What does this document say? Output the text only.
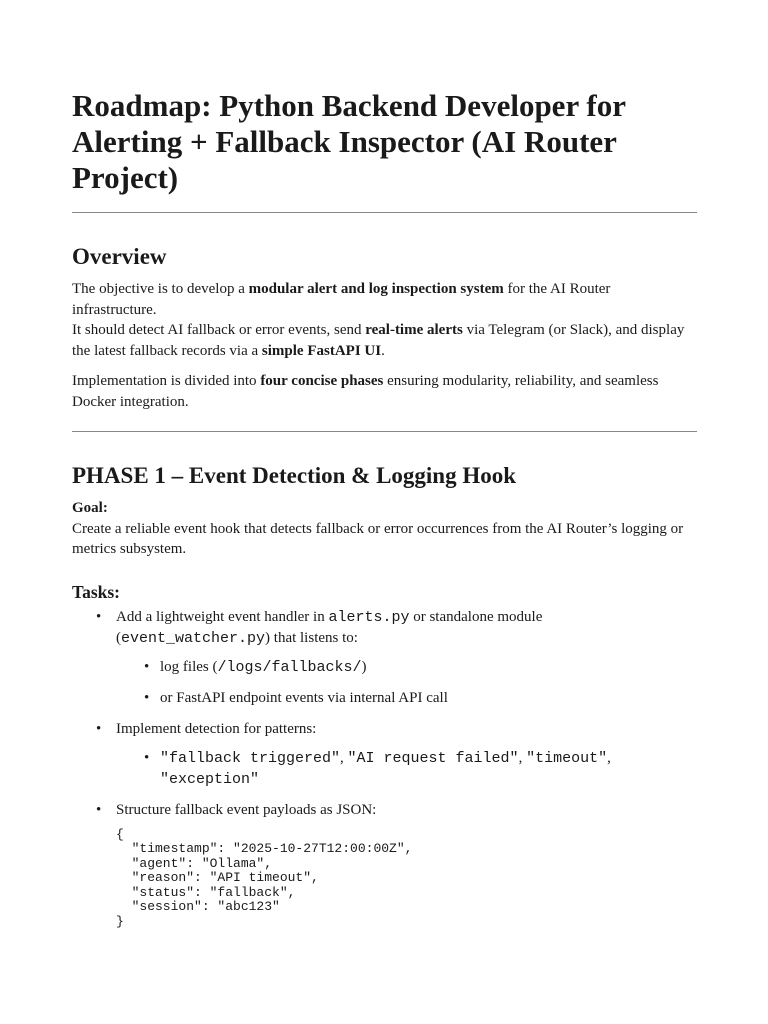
Roadmap: Python Backend Developer for Alerting + Fallback Inspector (AI Router Project)
Overview

The objective is to develop a modular alert and log inspection system for the AI Router infrastructure.
It should detect AI fallback or error events, send real-time alerts via Telegram (or Slack), and display the latest fallback records via a simple FastAPI UI.

Implementation is divided into four concise phases ensuring modularity, reliability, and seamless Docker integration.

PHASE 1 – Event Detection & Logging Hook

Goal:

Create a reliable event hook that detects fallback or error occurrences from the AI Router’s logging or metrics subsystem.

Tasks:
• Add a lightweight event handler in alerts.py or standalone module (event_watcher.py) that listens to:
• log files (/logs/fallbacks/)
• or FastAPI endpoint events via internal API call
• Implement detection for patterns:
• "fallback triggered", "AI request failed", "timeout",
"exception"
• Structure fallback event payloads as JSON:
{
"timestamp": "2025-10-27T12:00:00Z",
"agent": "Ollama",
"reason": "API timeout",
"status": "fallback",
"session": "abc123"
}
